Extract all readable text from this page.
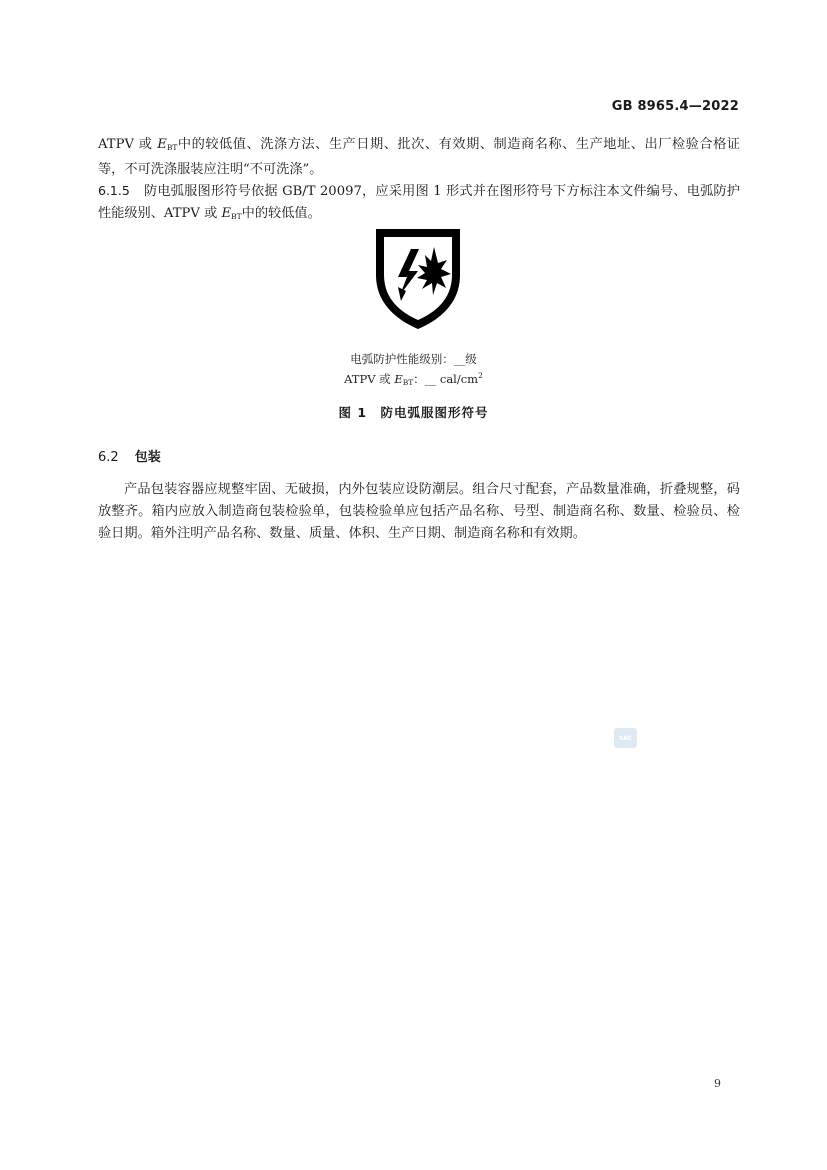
GB 8965.4—2022
ATPV 或 $E_{BT}$中的较低值、洗涤方法、生产日期、批次、有效期、制造商名称、生产地址、出厂检验合格证等，不可洗涤服装应注明“不可洗涤”。
6.1.5 防电弧服图形符号依据 GB/T 20097，应采用图 1 形式并在图形符号下方标注本文件编号、电弧防护性能级别、ATPV 或 $E_{BT}$中的较低值。
电弧防护性能级别：__级
ATPV 或 $E_{BT}$：__ cal/$cm^2$
图 1　防电弧服图形符号
6.2 包装
产品包装容器应规整牢固、无破损，内外包装应设防潮层。组合尺寸配套，产品数量准确，折叠规整，码放整齐。箱内应放入制造商包装检验单，包装检验单应包括产品名称、号型、制造商名称、数量、检验员、检验日期。箱外注明产品名称、数量、质量、体积、生产日期、制造商名称和有效期。
SAC
9
